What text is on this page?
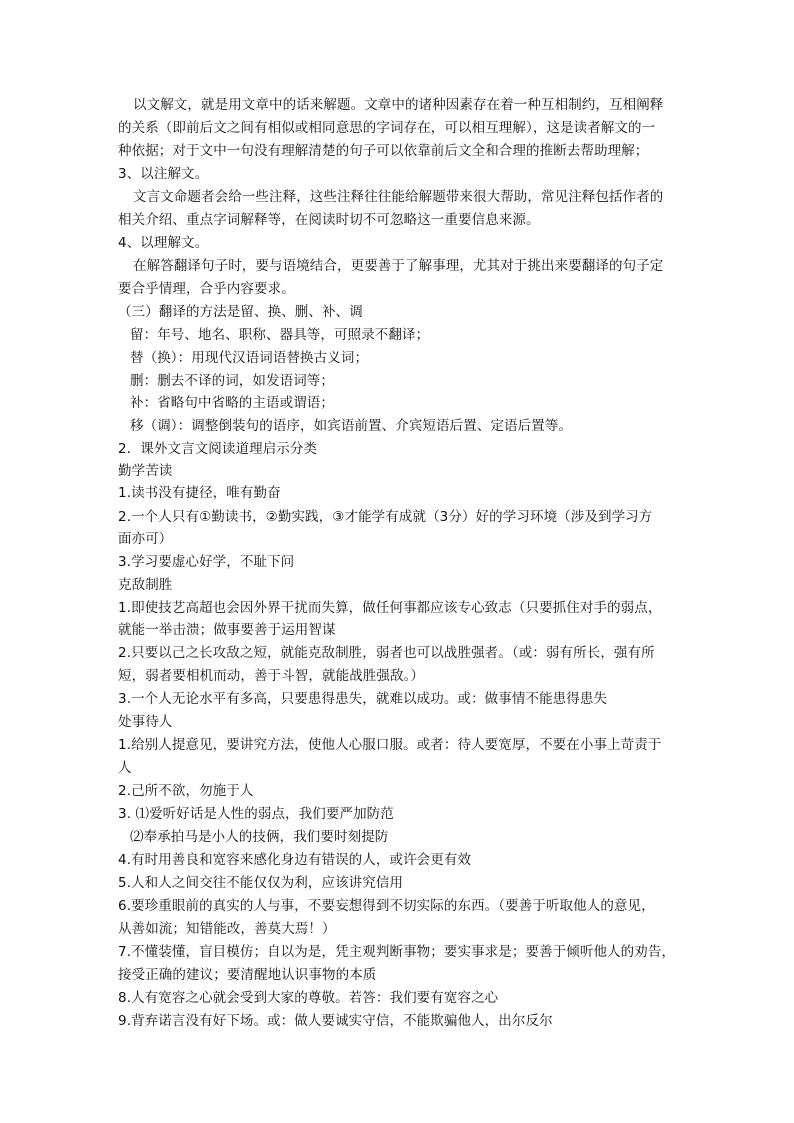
以文解文，就是用文章中的话来解题。文章中的诸种因素存在着一种互相制约，互相阐释
的关系（即前后文之间有相似或相同意思的字词存在，可以相互理解），这是读者解文的一
种依据；对于文中一句没有理解清楚的句子可以依靠前后文全和合理的推断去帮助理解；
3、以注解文。
文言文命题者会给一些注释，这些注释往往能给解题带来很大帮助，常见注释包括作者的
相关介绍、重点字词解释等，在阅读时切不可忽略这一重要信息来源。
4、以理解文。
在解答翻译句子时，要与语境结合，更要善于了解事理，尤其对于挑出来要翻译的句子定
要合乎情理，合乎内容要求。
（三）翻译的方法是留、换、删、补、调
留：年号、地名、职称、器具等，可照录不翻译；
替（换）：用现代汉语词语替换古义词；
删：删去不译的词，如发语词等；
补：省略句中省略的主语或谓语；
移（调）：调整倒装句的语序，如宾语前置、介宾短语后置、定语后置等。
2．课外文言文阅读道理启示分类
勤学苦读
1.读书没有捷径，唯有勤奋
2.一个人只有①勤读书，②勤实践，③才能学有成就（3分）好的学习环境（涉及到学习方
面亦可）
3.学习要虚心好学，不耻下问
克敌制胜
1.即使技艺高超也会因外界干扰而失算，做任何事都应该专心致志（只要抓住对手的弱点，
就能一举击溃；做事要善于运用智谋
2.只要以己之长攻敌之短，就能克敌制胜，弱者也可以战胜强者。（或：弱有所长，强有所
短，弱者要相机而动，善于斗智，就能战胜强敌。）
3.一个人无论水平有多高，只要患得患失，就难以成功。或：做事情不能患得患失
处事待人
1.给别人提意见，要讲究方法，使他人心服口服。或者：待人要宽厚，不要在小事上苛责于
人
2.己所不欲，勿施于人
3. ⑴爱听好话是人性的弱点，我们要严加防范
⑵奉承拍马是小人的技俩，我们要时刻提防
4.有时用善良和宽容来感化身边有错误的人，或许会更有效
5.人和人之间交往不能仅仅为利，应该讲究信用
6.要珍重眼前的真实的人与事，不要妄想得到不切实际的东西。（要善于听取他人的意见，
从善如流；知错能改，善莫大焉！）
7.不懂装懂，盲目模仿；自以为是，凭主观判断事物；要实事求是；要善于倾听他人的劝告，
接受正确的建议；要清醒地认识事物的本质
8.人有宽容之心就会受到大家的尊敬。若答：我们要有宽容之心
9.背弃诺言没有好下场。或：做人要诚实守信，不能欺骗他人，出尔反尔
